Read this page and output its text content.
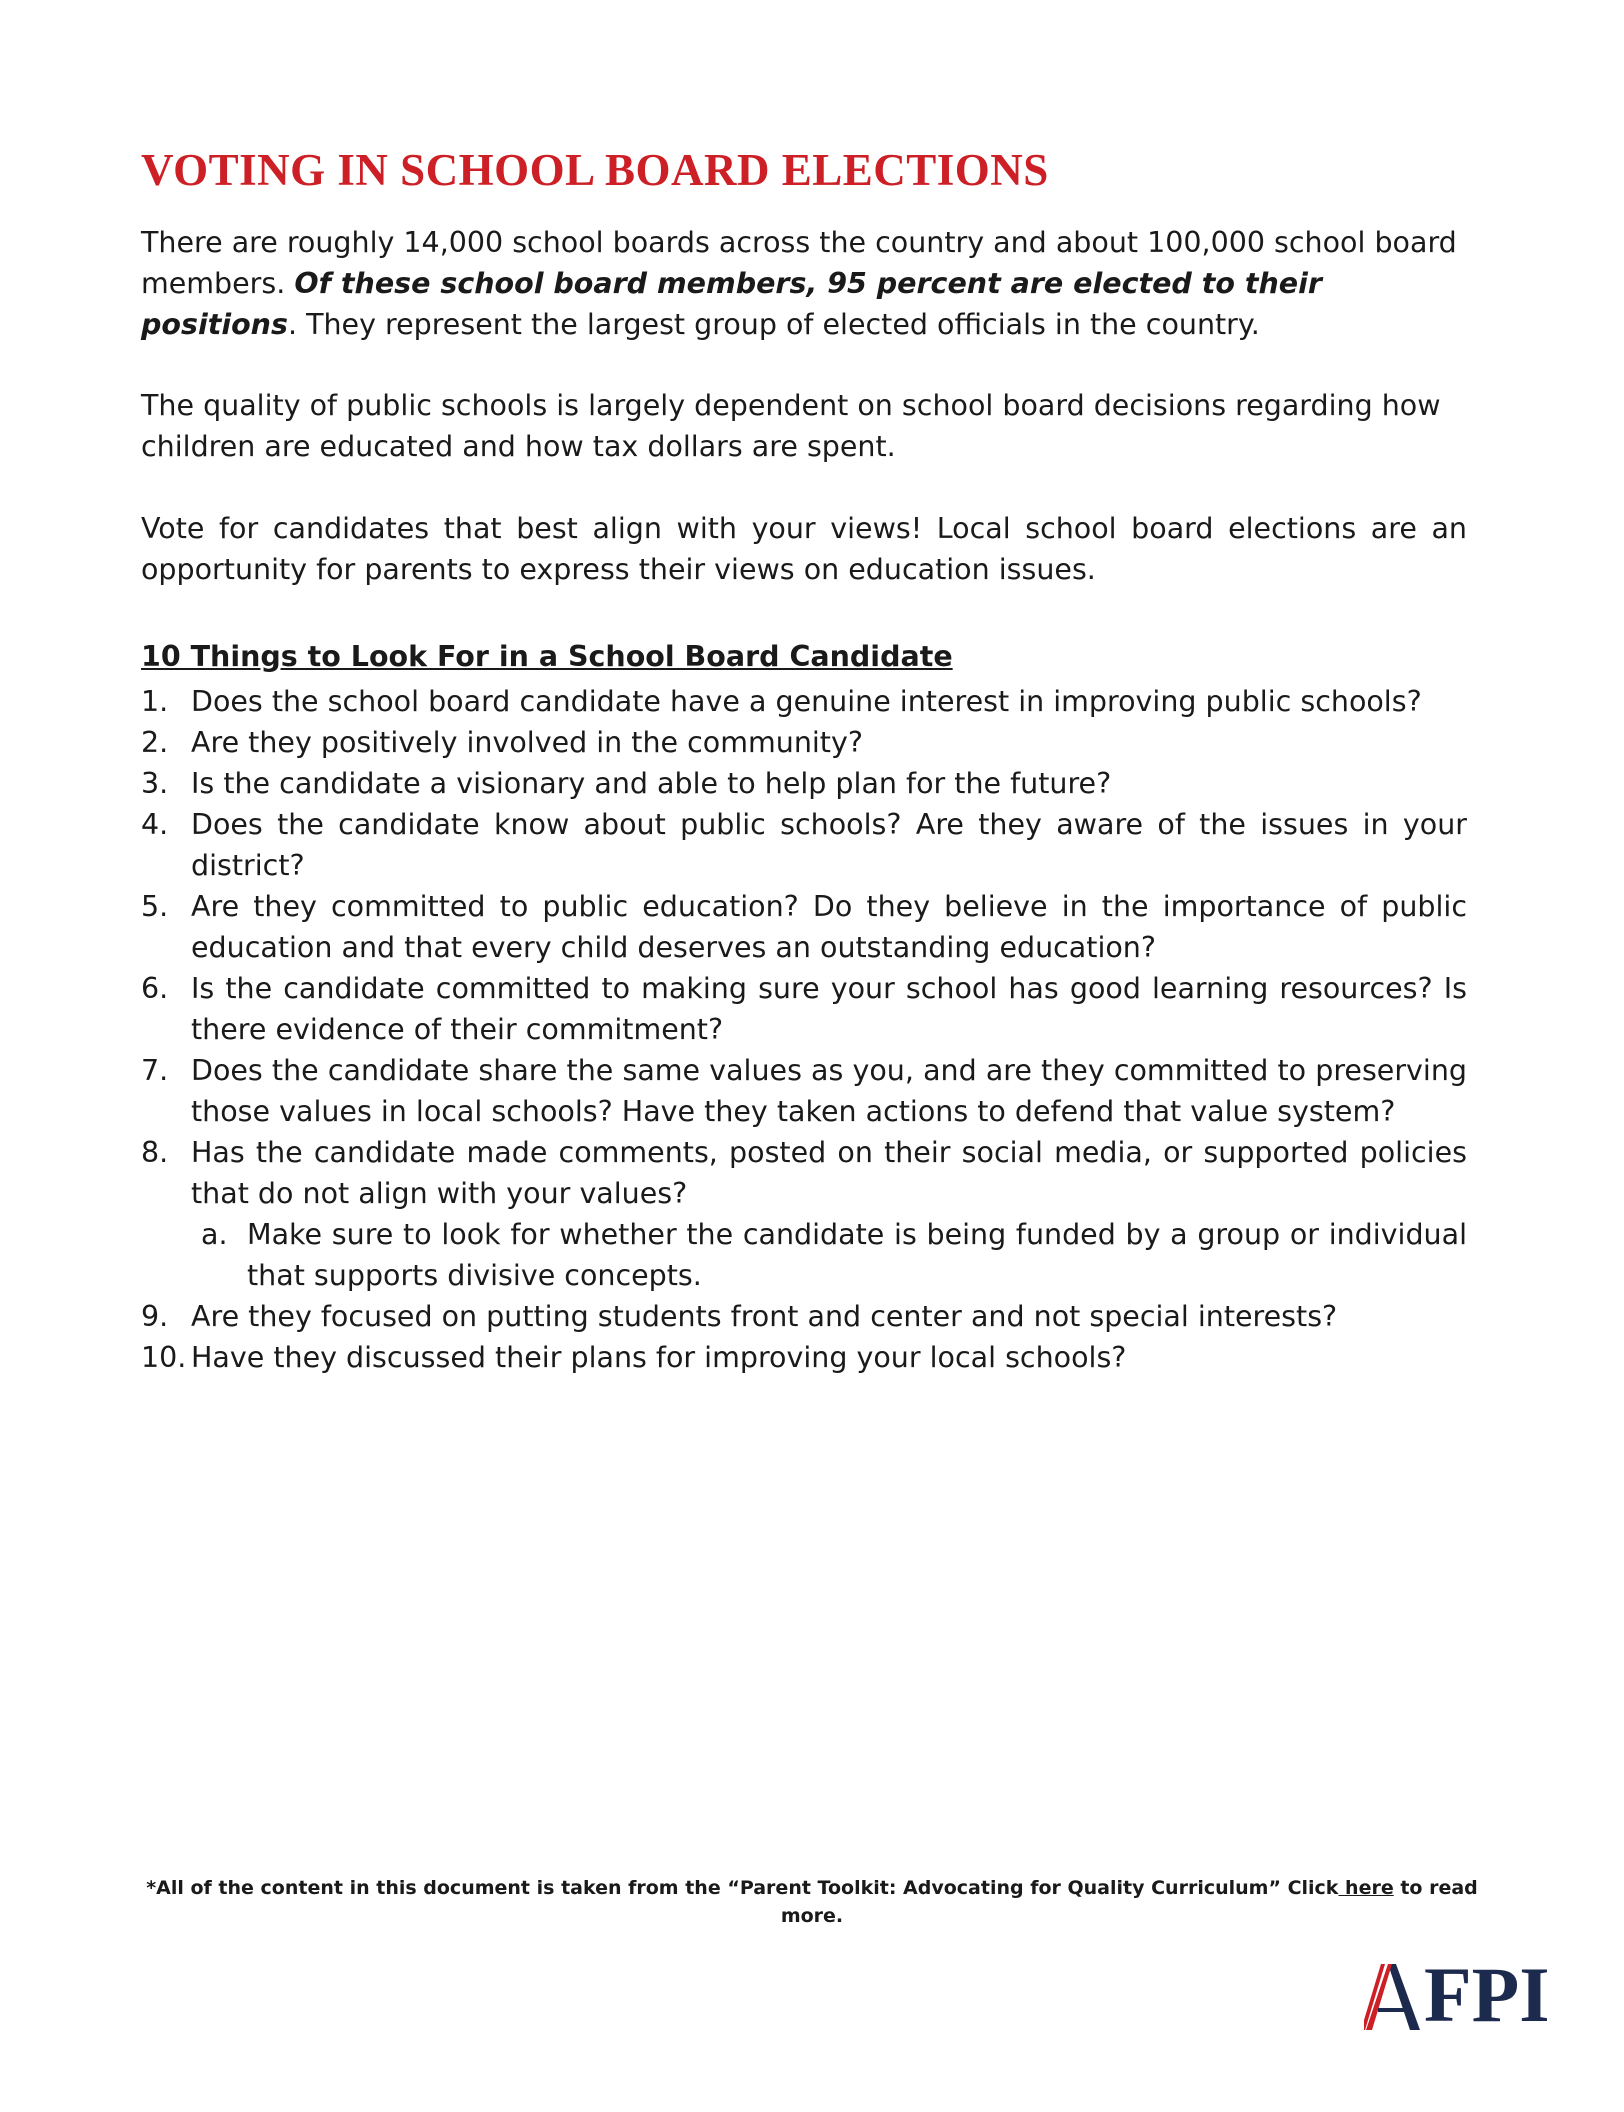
VOTING IN SCHOOL BOARD ELECTIONS

There are roughly 14,000 school boards across the country and about 100,000 school board members. Of these school board members, 95 percent are elected to their positions. They represent the largest group of elected officials in the country.

The quality of public schools is largely dependent on school board decisions regarding how children are educated and how tax dollars are spent.

Vote for candidates that best align with your views! Local school board elections are an opportunity for parents to express their views on education issues.

10 Things to Look For in a School Board Candidate
1. Does the school board candidate have a genuine interest in improving public schools?
2. Are they positively involved in the community?
3. Is the candidate a visionary and able to help plan for the future?
4. Does the candidate know about public schools? Are they aware of the issues in your district?
5. Are they committed to public education? Do they believe in the importance of public education and that every child deserves an outstanding education?
6. Is the candidate committed to making sure your school has good learning resources? Is there evidence of their commitment?
7. Does the candidate share the same values as you, and are they committed to preserving those values in local schools? Have they taken actions to defend that value system?
8. Has the candidate made comments, posted on their social media, or supported policies that do not align with your values?
a. Make sure to look for whether the candidate is being funded by a group or individual that supports divisive concepts.
9. Are they focused on putting students front and center and not special interests?
10. Have they discussed their plans for improving your local schools?

*All of the content in this document is taken from the “Parent Toolkit: Advocating for Quality Curriculum” Click here to read more.

FPI
